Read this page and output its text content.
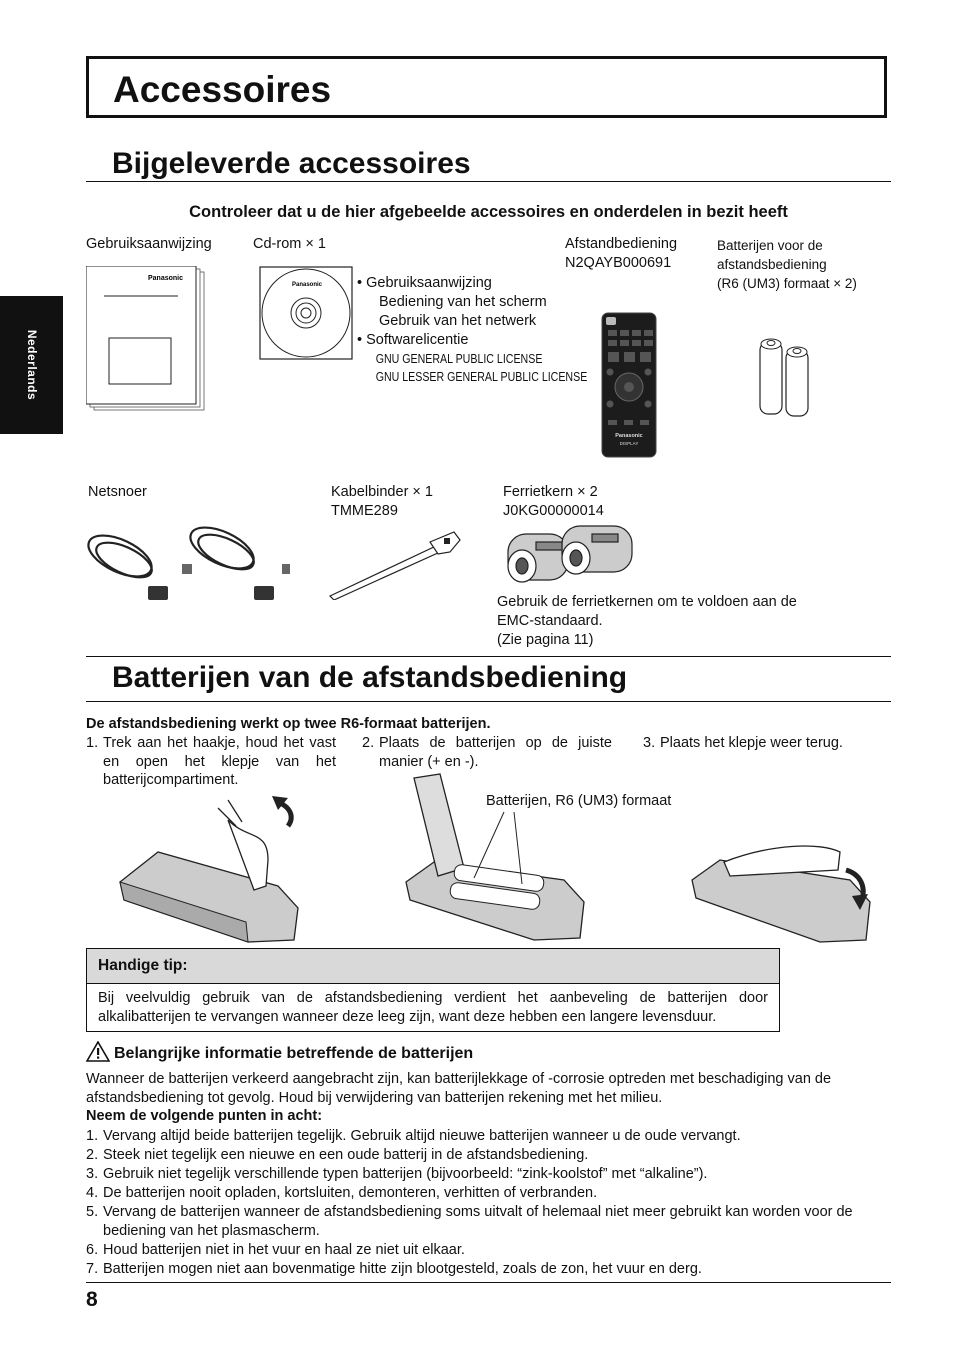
Accessoires
Nederlands
Bijgeleverde accessoires
Controleer dat u de hier afgebeelde accessoires en onderdelen in bezit heeft
Gebruiksaanwijzing	Cd-rom × 1	Afstandbediening
N2QAYB000691
Batterijen voor de
afstandsbediening
(R6 (UM3) formaat × 2)
Panasonic
Panasonic • Gebruiksaanwijzing
Bediening van het scherm
Gebruik van het netwerk
• Softwarelicentie
GNU GENERAL PUBLIC LICENSE
GNU LESSER GENERAL PUBLIC LICENSE
Panasonic
DISPLAY
Netsnoer	Kabelbinder × 1
TMME289
Ferrietkern × 2
J0KG00000014
Gebruik de ferrietkernen om te voldoen aan de
EMC-standaard.
(Zie pagina 11)
Batterijen van de afstandsbediening
De afstandsbediening werkt op twee R6-formaat batterijen.
1. Trek aan het haakje, houd het vast en open het klepje van het batterijcompartiment.
2. Plaats de batterijen op de juiste manier (+ en -).
3. Plaats het klepje weer terug.
Batterijen, R6 (UM3) formaat
Handige tip:
Bij veelvuldig gebruik van de afstandsbediening verdient het aanbeveling de batterijen door alkalibatterijen te vervangen wanneer deze leeg zijn, want deze hebben een langere levensduur.
Belangrijke informatie betreffende de batterijen
Wanneer de batterijen verkeerd aangebracht zijn, kan batterijlekkage of -corrosie optreden met beschadiging van de afstandsbediening tot gevolg. Houd bij verwijdering van batterijen rekening met het milieu.
Neem de volgende punten in acht:
1. Vervang altijd beide batterijen tegelijk. Gebruik altijd nieuwe batterijen wanneer u de oude vervangt.
2. Steek niet tegelijk een nieuwe en een oude batterij in de afstandsbediening.
3. Gebruik niet tegelijk verschillende typen batterijen (bijvoorbeeld: “zink-koolstof” met “alkaline”).
4. De batterijen nooit opladen, kortsluiten, demonteren, verhitten of verbranden.
5. Vervang de batterijen wanneer de afstandsbediening soms uitvalt of helemaal niet meer gebruikt kan worden voor de bediening van het plasmascherm.
6. Houd batterijen niet in het vuur en haal ze niet uit elkaar.
7. Batterijen mogen niet aan bovenmatige hitte zijn blootgesteld, zoals de zon, het vuur en derg.
8
